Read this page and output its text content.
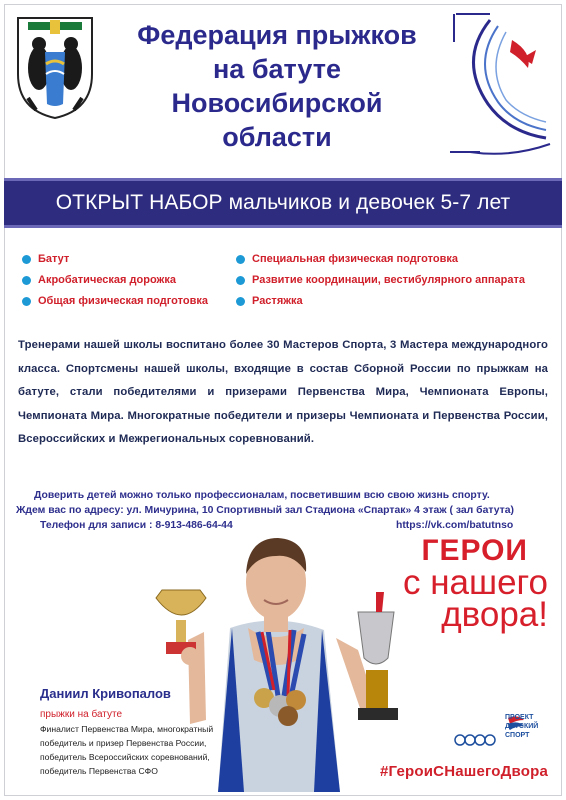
Федерация прыжков
на батуте
Новосибирской
области
ОТКРЫТ НАБОР мальчиков и девочек 5-7 лет
Батут
Акробатическая дорожка
Общая физическая подготовка
Специальная физическая подготовка
Развитие координации, вестибулярного аппарата
Растяжка
Тренерами нашей школы воспитано более 30 Мастеров Спорта, 3 Мастера международного класса. Спортсмены нашей школы, входящие в состав Сборной России по прыжкам на батуте, стали победителями и призерами Первенства Мира, Чемпионата Европы, Чемпионата Мира. Многократные победители и призеры Чемпионата и Первенства России, Всероссийских и Межрегиональных соревнований.
Доверить детей можно только профессионалам, посветившим всю свою жизнь спорту.
Ждем вас по адресу: ул. Мичурина, 10 Спортивный зал Стадиона «Спартак» 4 этаж ( зал батута)
Телефон для записи : 8-913-486-64-44	https://vk.com/batutnso
ГЕРОИ
с нашего
двора!
Даниил Кривопалов
прыжки на батуте
Финалист Первенства Мира, многократный победитель и призер Первенства России, победитель Всероссийских соревнований, победитель Первенства СФО
ПРОЕКТ
ДЕТСКИЙ
СПОРТ
#ГероиСНашегоДвора
